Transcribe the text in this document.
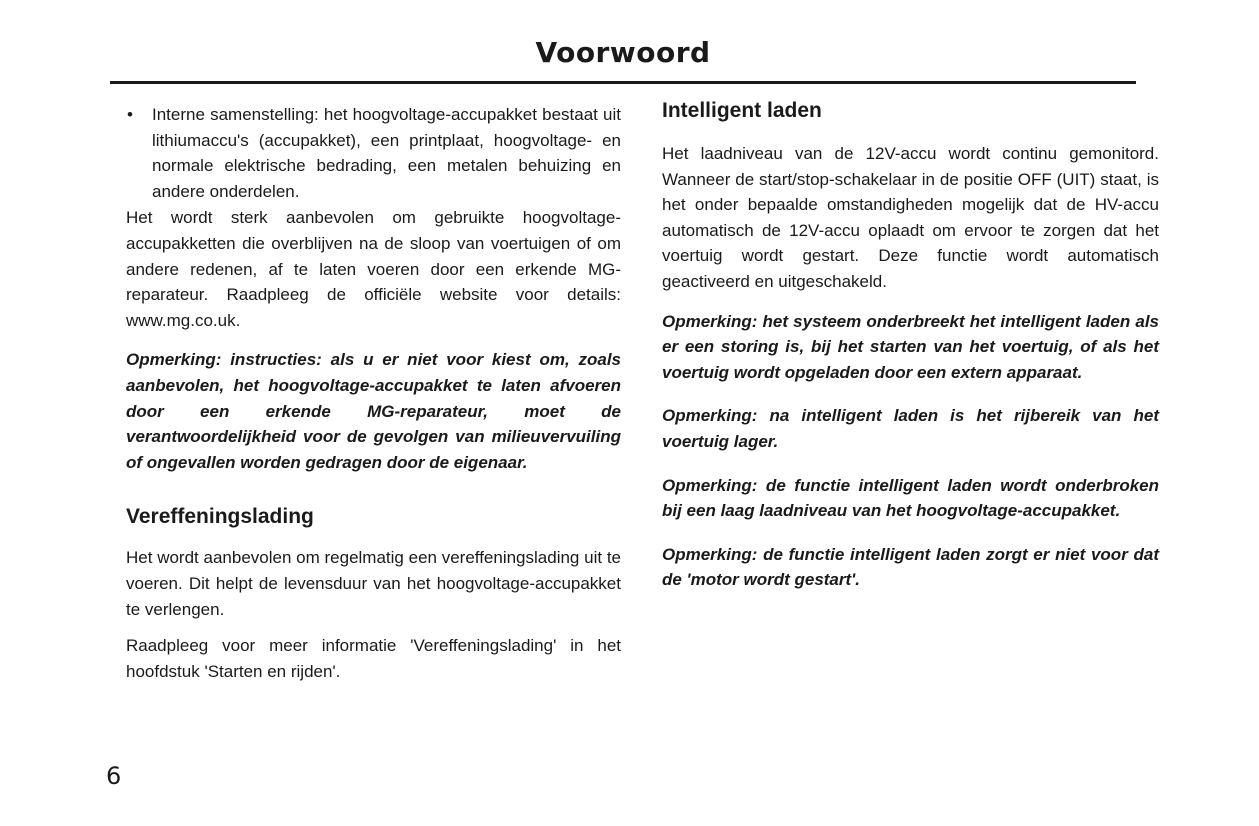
Voorwoord
• Interne samenstelling: het hoogvoltage-accupakket bestaat uit lithiumaccu's (accupakket), een printplaat, hoogvoltage- en normale elektrische bedrading, een metalen behuizing en andere onderdelen.

Het wordt sterk aanbevolen om gebruikte hoogvoltage-accupakketten die overblijven na de sloop van voertuigen of om andere redenen, af te laten voeren door een erkende MG-reparateur. Raadpleeg de officiële website voor details: www.mg.co.uk.

Opmerking: instructies: als u er niet voor kiest om, zoals aanbevolen, het hoogvoltage-accupakket te laten afvoeren door een erkende MG-reparateur, moet de verantwoordelijkheid voor de gevolgen van milieuvervuiling of ongevallen worden gedragen door de eigenaar.

Vereffeningslading

Het wordt aanbevolen om regelmatig een vereffeningslading uit te voeren. Dit helpt de levensduur van het hoogvoltage-accupakket te verlengen.

Raadpleeg voor meer informatie 'Vereffeningslading' in het hoofdstuk 'Starten en rijden'.

Intelligent laden

Het laadniveau van de 12V-accu wordt continu gemonitord. Wanneer de start/stop-schakelaar in de positie OFF (UIT) staat, is het onder bepaalde omstandigheden mogelijk dat de HV-accu automatisch de 12V-accu oplaadt om ervoor te zorgen dat het voertuig wordt gestart. Deze functie wordt automatisch geactiveerd en uitgeschakeld.

Opmerking: het systeem onderbreekt het intelligent laden als er een storing is, bij het starten van het voertuig, of als het voertuig wordt opgeladen door een extern apparaat.

Opmerking: na intelligent laden is het rijbereik van het voertuig lager.

Opmerking: de functie intelligent laden wordt onderbroken bij een laag laadniveau van het hoogvoltage-accupakket.

Opmerking: de functie intelligent laden zorgt er niet voor dat de 'motor wordt gestart'.

6
